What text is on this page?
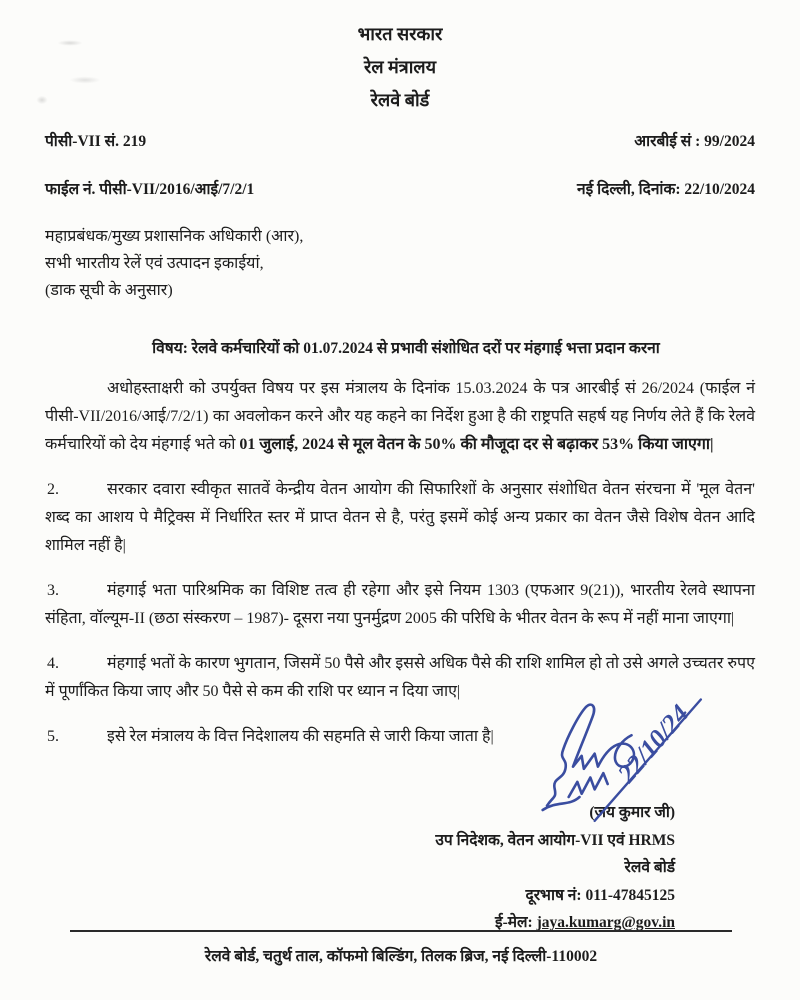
भारत सरकार
रेल मंत्रालय
रेलवे बोर्ड
पीसी-VII सं. 219	आरबीई सं : 99/2024
फाईल नं. पीसी-VII/2016/आई/7/2/1	नई दिल्ली, दिनांक: 22/10/2024
महाप्रबंधक/मुख्य प्रशासनिक अधिकारी (आर),
सभी भारतीय रेलें एवं उत्पादन इकाईयां,
(डाक सूची के अनुसार)
विषय: रेलवे कर्मचारियों को 01.07.2024 से प्रभावी संशोधित दरों पर मंहगाई भत्ता प्रदान करना

अधोहस्ताक्षरी को उपर्युक्त विषय पर इस मंत्रालय के दिनांक 15.03.2024 के पत्र आरबीई सं 26/2024 (फाईल नं पीसी-VII/2016/आई/7/2/1) का अवलोकन करने और यह कहने का निर्देश हुआ है की राष्ट्रपति सहर्ष यह निर्णय लेते हैं कि रेलवे कर्मचारियों को देय मंहगाई भते को 01 जुलाई, 2024 से मूल वेतन के 50% की मौजूदा दर से बढ़ाकर 53% किया जाएगा|

2.	सरकार दवारा स्वीकृत सातवें केन्द्रीय वेतन आयोग की सिफारिशों के अनुसार संशोधित वेतन संरचना में 'मूल वेतन' शब्द का आशय पे मैट्रिक्स में निर्धारित स्तर में प्राप्त वेतन से है, परंतु इसमें कोई अन्य प्रकार का वेतन जैसे विशेष वेतन आदि शामिल नहीं है|

3.	मंहगाई भता पारिश्रमिक का विशिष्ट तत्व ही रहेगा और इसे नियम 1303 (एफआर 9(21)), भारतीय रेलवे स्थापना संहिता, वॉल्यूम-II (छठा संस्करण – 1987)- दूसरा नया पुनर्मुद्रण 2005 की परिधि के भीतर वेतन के रूप में नहीं माना जाएगा|

4.	मंहगाई भतों के कारण भुगतान, जिसमें 50 पैसे और इससे अधिक पैसे की राशि शामिल हो तो उसे अगले उच्चतर रुपए में पूर्णांकित किया जाए और 50 पैसे से कम की राशि पर ध्यान न दिया जाए|

5.	इसे रेल मंत्रालय के वित्त निदेशालय की सहमति से जारी किया जाता है|	22/10/24
(जय कुमार जी)
उप निदेशक, वेतन आयोग-VII एवं HRMS
रेलवे बोर्ड
दूरभाष नं: 011-47845125
ई-मेल: jaya.kumarg@gov.in
रेलवे बोर्ड, चतुर्थ ताल, कॉफमो बिल्डिंग, तिलक ब्रिज, नई दिल्ली-110002
